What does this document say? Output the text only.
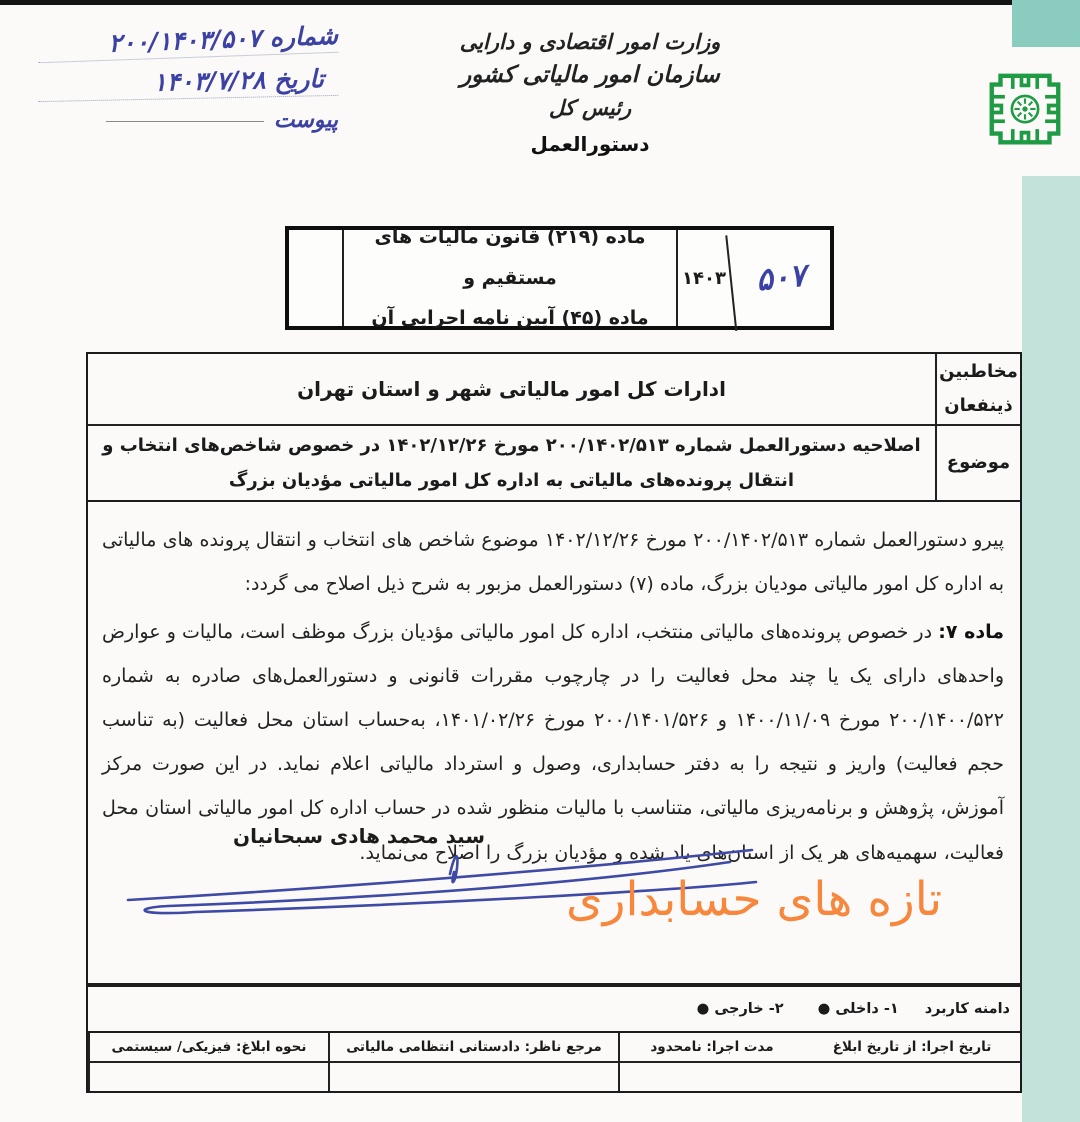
شماره ۲۰۰/۱۴۰۳/۵۰۷
تاریخ ۱۴۰۳/۷/۲۸
پیوست
وزارت امور اقتصادی و دارایی
سازمان امور مالیاتی کشور
رئیس کل
دستورالعمل
۵۰۷
۱۴۰۳
ماده (۲۱۹) قانون مالیات های مستقیم و
ماده (۴۵) آیین نامه اجرایی آن
مخاطبین
ذینفعان
ادارات کل امور مالیاتی شهر و استان تهران
موضوع
اصلاحیه دستورالعمل شماره ۲۰۰/۱۴۰۲/۵۱۳ مورخ ۱۴۰۲/۱۲/۲۶ در خصوص شاخص‌های انتخاب و انتقال پرونده‌های مالیاتی به اداره کل امور مالیاتی مؤدیان بزرگ

پیرو دستورالعمل شماره ۲۰۰/۱۴۰۲/۵۱۳ مورخ ۱۴۰۲/۱۲/۲۶ موضوع شاخص های انتخاب و انتقال پرونده های مالیاتی به اداره کل امور مالیاتی مودیان بزرگ، ماده (۷) دستورالعمل مزبور به شرح ذیل اصلاح می گردد:

ماده ۷: در خصوص پرونده‌های مالیاتی منتخب، اداره کل امور مالیاتی مؤدیان بزرگ موظف است، مالیات و عوارض واحدهای دارای یک یا چند محل فعالیت را در چارچوب مقررات قانونی و دستورالعمل‌های صادره به شماره ۲۰۰/۱۴۰۰/۵۲۲ مورخ ۱۴۰۰/۱۱/۰۹ و ۲۰۰/۱۴۰۱/۵۲۶ مورخ ۱۴۰۱/۰۲/۲۶، به‌حساب استان محل فعالیت (به تناسب حجم فعالیت) واریز و نتیجه را به دفتر حسابداری، وصول و استرداد مالیاتی اعلام نماید. در این صورت مرکز آموزش، پژوهش و برنامه‌ریزی مالیاتی، متناسب با مالیات منظور شده در حساب اداره کل امور مالیاتی استان محل فعالیت، سهمیه‌های هر یک از استان‌های یاد شده و مؤدیان بزرگ را اصلاح می‌نماید.

سید محمد هادی سبحانیان
تازه های حسابداری
دامنه کاربرد
۱- داخلی ●
۲- خارجی ●
تاریخ اجرا: از تاریخ ابلاغ
مدت اجرا: نامحدود
مرجع ناظر: دادستانی انتظامی مالیاتی
نحوه ابلاغ: فیزیکی/ سیستمی
